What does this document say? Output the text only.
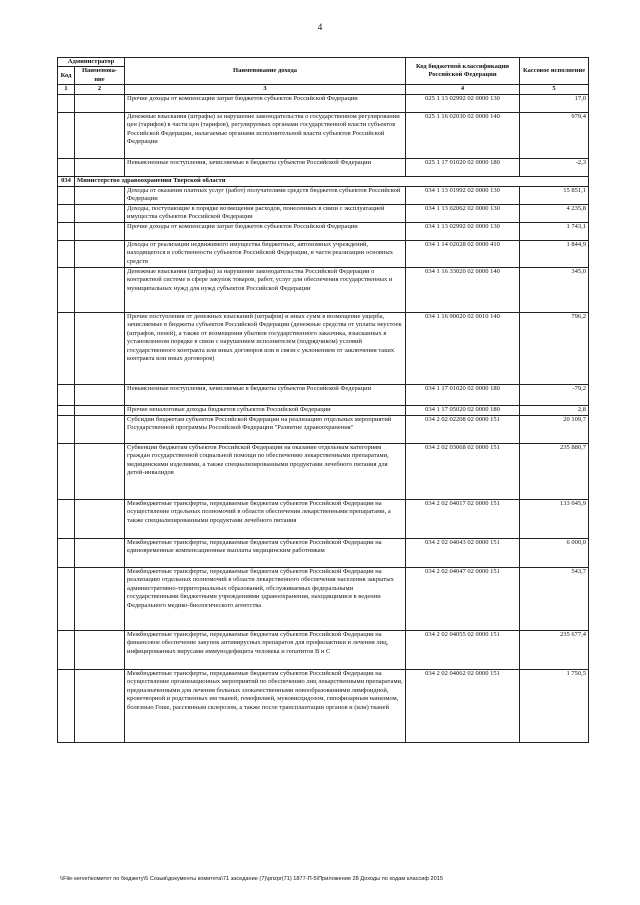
4
Администратор		Наименование дохода	Код бюджетной классификации Российской Федерации	Кассовое исполнение
Код	Наименова-ние			
1	2	3	4	5
		Прочие доходы от компенсации затрат бюджетов субъектов Российской Федерации	025 1 13 02992 02 0000 130	17,0
		Денежные взыскания (штрафы) за нарушение законодательства о государственном регулировании цен (тарифов) в части цен (тарифов), регулируемых органами государственной власти субъектов Российской Федерации, налагаемые органами исполнительной власти субъектов Российской Федерации	025 1 16 02030 02 0000 140	979,4
		Невыясненные поступления, зачисляемые в бюджеты субъектов Российской Федерации	025 1 17 01020 02 0000 180	-2,3
034	Министерство здравоохранения Тверской области			
		Доходы от оказания платных услуг (работ) получателями средств бюджетов субъектов Российской Федерации	034 1 13 01992 02 0000 130	15 851,1
		Доходы, поступающие в порядке возмещения расходов, понесенных в связи с эксплуатацией имущества субъектов Российской Федерации	034 1 13 02062 02 0000 130	4 235,8
		Прочие доходы от компенсации затрат бюджетов субъектов Российской Федерации	034 1 13 02992 02 0000 130	1 743,1
		Доходы от реализации недвижимого имущества бюджетных, автономных учреждений, находящегося в собственности субъектов Российской Федерации, в части реализации основных средств	034 1 14 02028 02 0000 410	1 844,9
		Денежные взыскания (штрафы) за нарушение законодательства Российской Федерации о контрактной системе в сфере закупок товаров, работ, услуг для обеспечения государственных и муниципальных нужд для нужд субъектов Российской Федерации	034 1 16 33020 02 0000 140	345,0
		Прочие поступления от денежных взысканий (штрафов) и иных сумм в возмещение ущерба, зачисляемые в бюджеты субъектов Российской Федерации (денежные средства от уплаты неустоек (штрафов, пеней), а также от возмещения убытков государственного заказчика, взысканных в установленном порядке в связи с нарушением исполнителем (подрядчиком) условий государственного контракта или иных договоров или в связи с уклонением от заключения таких контракта или иных договоров)	034 1 16 90020 02 0010 140	796,2
		Невыясненные поступления, зачисляемые в бюджеты субъектов Российской Федерации	034 1 17 01020 02 0000 180	-79,2
		Прочие неналоговые доходы бюджетов субъектов Российской Федерации	034 1 17 05020 02 0000 180	2,8
		Субсидии бюджетам субъектов Российской Федерации на реализацию отдельных мероприятий Государственной программы Российской Федерации "Развитие здравоохранения"	034 2 02 02208 02 0000 151	20 109,7
		Субвенции бюджетам субъектов Российской Федерации на оказание отдельным категориям граждан государственной социальной помощи по обеспечению лекарственными препаратами, медицинскими изделиями, а также специализированными продуктами лечебного питания для детей-инвалидов	034 2 02 03068 02 0000 151	235 880,7
		Межбюджетные трансферты, передаваемые бюджетам субъектов Российской Федерации на осуществление отдельных полномочий в области обеспечения лекарственными препаратами, а также специализированными продуктами лечебного питания	034 2 02 04017 02 0000 151	133 045,9
		Межбюджетные трансферты, передаваемые бюджетам субъектов Российской Федерации на единовременные компенсационные выплаты медицинским работникам	034 2 02 04043 02 0000 151	6 000,0
		Межбюджетные трансферты, передаваемые бюджетам субъектов Российской Федерации на реализацию отдельных полномочий в области лекарственного обеспечения населения закрытых административно-территориальных образований, обслуживаемых федеральными государственными бюджетными учреждениями здравоохранения, находящимися в ведении Федерального медико-биологического агентства	034 2 02 04047 02 0000 151	543,7
		Межбюджетные трансферты, передаваемые бюджетам субъектов Российской Федерации на финансовое обеспечение закупок антивирусных препаратов для профилактики и лечения лиц, инфицированных вирусами иммунодефицита человека и гепатитов В и С	034 2 02 04055 02 0000 151	235 677,4
		Межбюджетные трансферты, передаваемые бюджетам субъектов Российской Федерации на осуществление организационных мероприятий по обеспечению лиц лекарственными препаратами, предназначенными для лечения больных злокачественными новообразованиями лимфоидной, кроветворной и родственных им тканей, гемофилией, муковисцидозом, гипофизарным нанизмом, болезнью Гоше, рассеянным склерозом, а также после трансплантации органов и (или) тканей	034 2 02 04062 02 0000 151	1 750,5
\\File-server\комитет по бюджету\5 Созыв\документы комитета\71 заседание (7)\prizpr(71) 1877-П-5\Приложение 28 Доходы по кодам классиф 2015
